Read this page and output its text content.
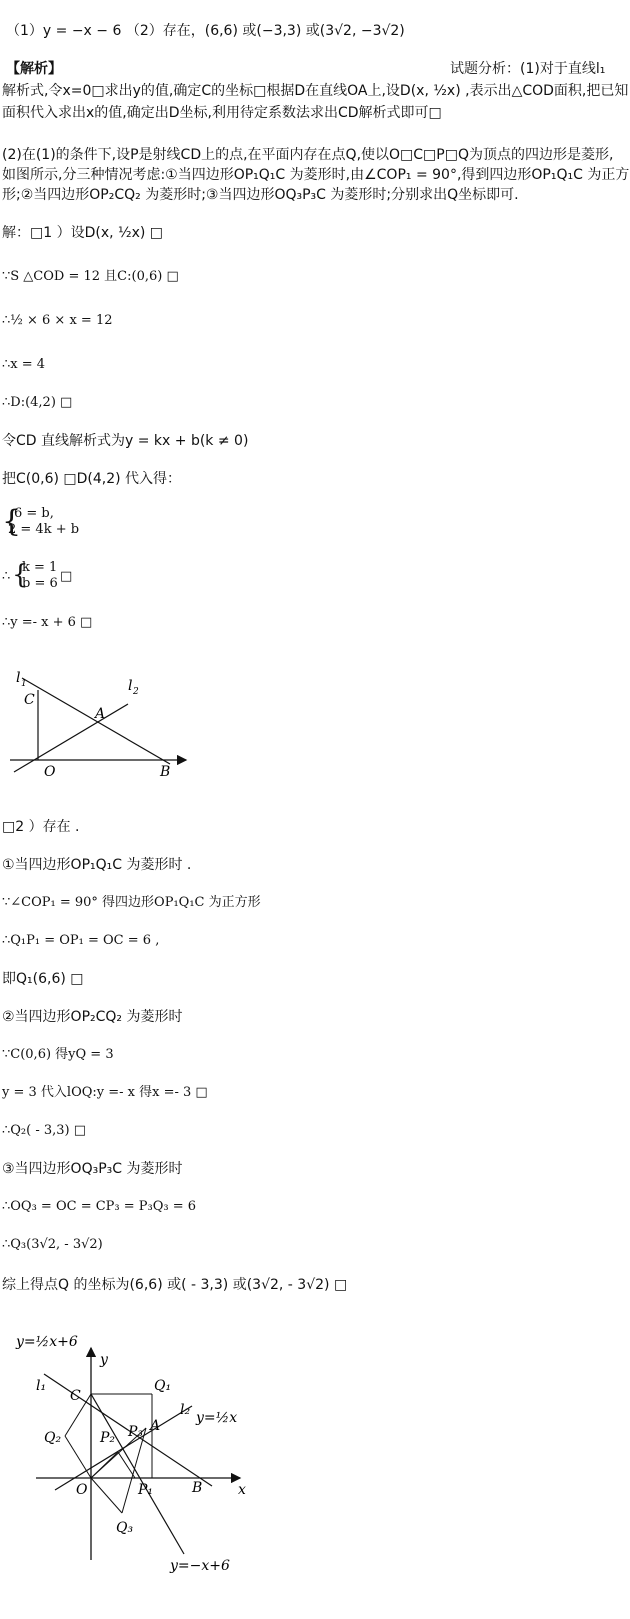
（1）y = −x − 6 （2）存在，(6,6) 或(−3,3) 或(3√2, −3√2)
【解析】	试题分析：(1)对于直线l₁
解析式,令x=0□求出y的值,确定C的坐标□根据D在直线OA上,设D(x, ½x) ,表示出△COD面积,把已知
面积代入求出x的值,确定出D坐标,利用待定系数法求出CD解析式即可□
(2)在(1)的条件下,设P是射线CD上的点,在平面内存在点Q,使以O□C□P□Q为顶点的四边形是菱形,
如图所示,分三种情况考虑:①当四边形OP₁Q₁C 为菱形时,由∠COP₁ = 90°,得到四边形OP₁Q₁C 为正方
形;②当四边形OP₂CQ₂ 为菱形时;③当四边形OQ₃P₃C 为菱形时;分别求出Q坐标即可.
解：□1 ）设D(x, ½x) □
∵S △COD = 12 且C:(0,6) □
∴½ × 6 × x = 12
∴x = 4
∴D:(4,2) □
令CD 直线解析式为y = kx + b(k ≠ 0)
把C(0,6) □D(4,2) 代入得：
{
6 = b,
2 = 4k + b
∴ {
k = 1
b = 6 □
∴y =- x + 6 □
l 1	l 2
C
A
O	B
□2 ）存在 .
①当四边形OP₁Q₁C 为菱形时 .
∵∠COP₁ = 90° 得四边形OP₁Q₁C 为正方形
∴Q₁P₁ = OP₁ = OC = 6 ,
即Q₁(6,6) □
②当四边形OP₂CQ₂ 为菱形时
∵C(0,6) 得yQ = 3
y = 3 代入lOQ:y =- x 得x =- 3 □
∴Q₂( - 3,3) □
③当四边形OQ₃P₃C 为菱形时
∴OQ₃ = OC = CP₃ = P₃Q₃ = 6
∴Q₃(3√2, - 3√2)
综上得点Q 的坐标为(6,6) 或( - 3,3) 或(3√2, - 3√2) □
y=½x+6
y
l₁
C
Q₁
l₂ y=½x
Q₂	P₂ P₃ A
O	P₁	B	x
Q₃
y=−x+6
